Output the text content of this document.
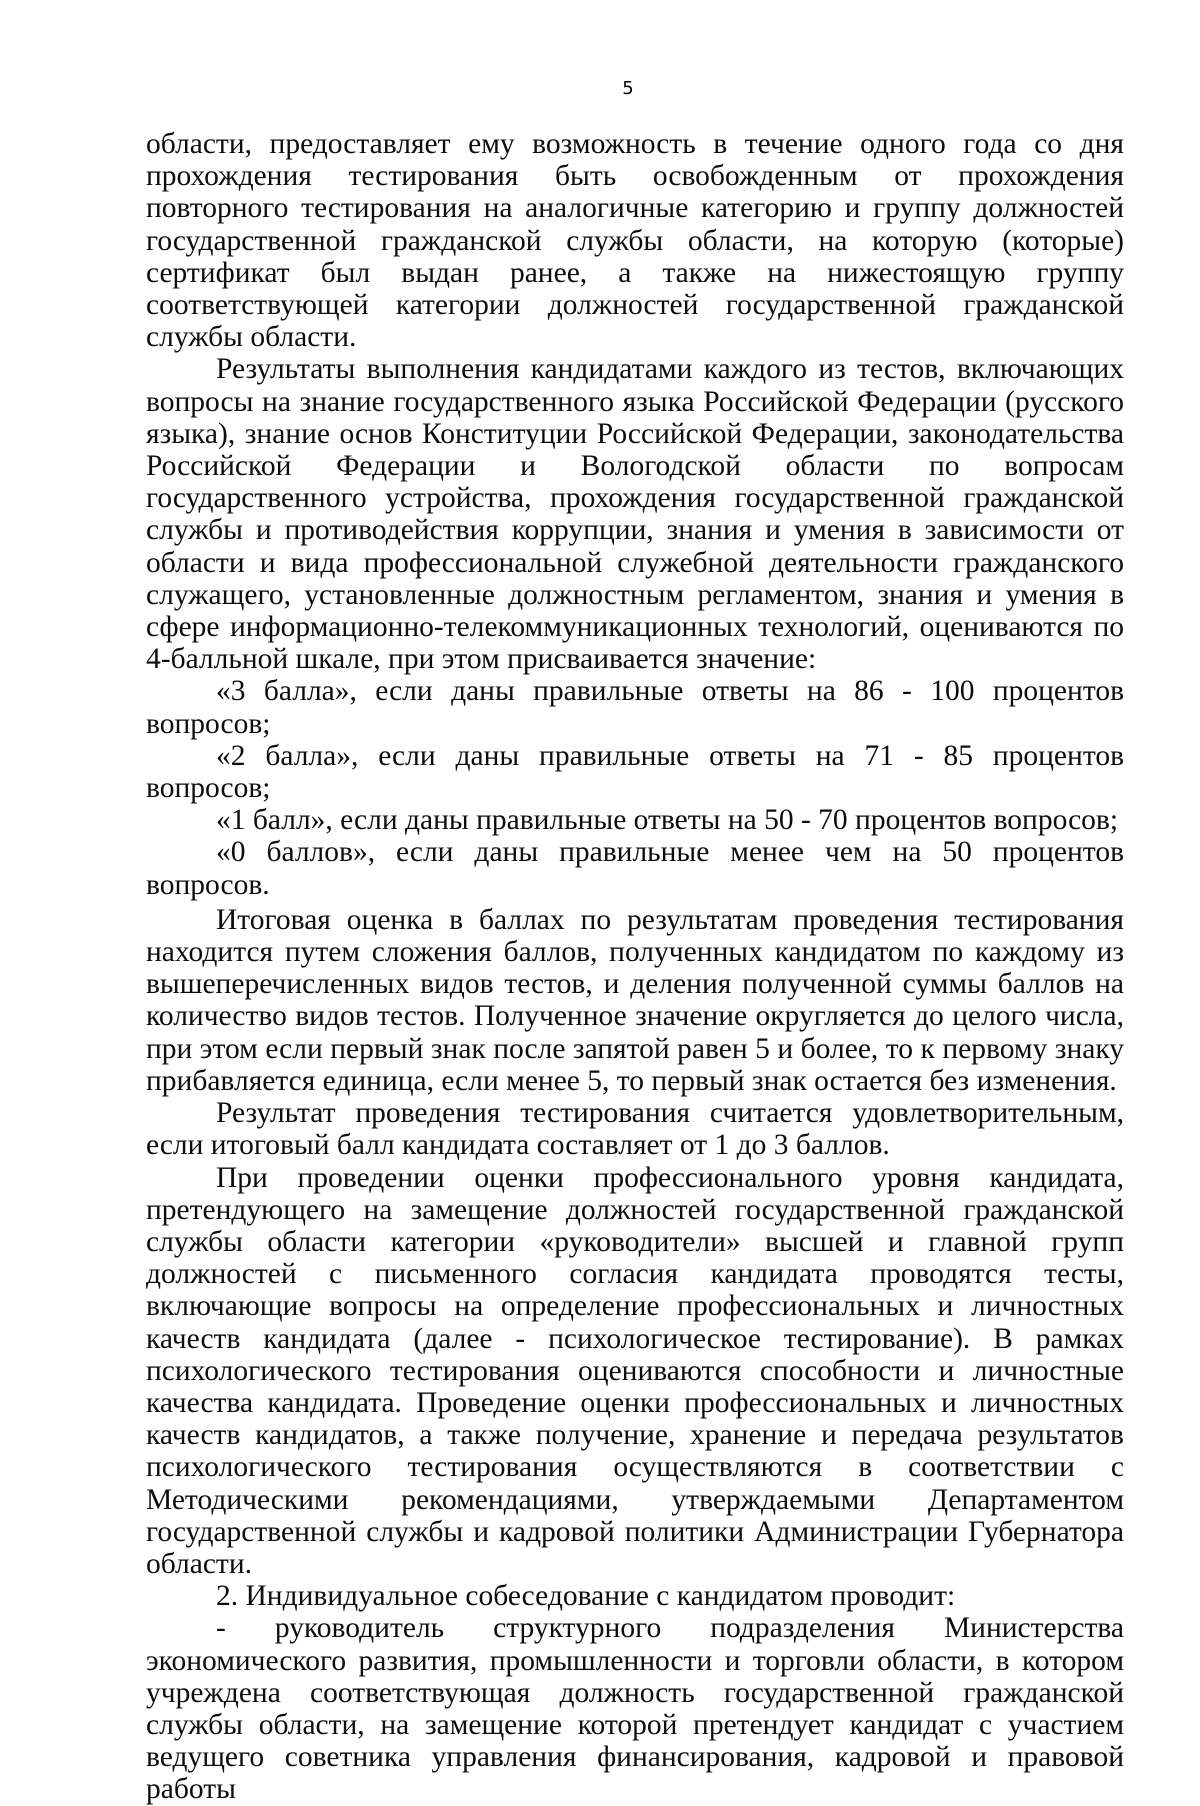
5

области, предоставляет ему возможность в течение одного года со дня прохождения тестирования быть освобожденным от прохождения повторного тестирования на аналогичные категорию и группу должностей государственной гражданской службы области, на которую (которые) сертификат был выдан ранее, а также на нижестоящую группу соответствующей категории должностей государственной гражданской службы области.

Результаты выполнения кандидатами каждого из тестов, включающих вопросы на знание государственного языка Российской Федерации (русского языка), знание основ Конституции Российской Федерации, законодательства Российской Федерации и Вологодской области по вопросам государственного устройства, прохождения государственной гражданской службы и противодействия коррупции, знания и умения в зависимости от области и вида профессиональной служебной деятельности гражданского служащего, установленные должностным регламентом, знания и умения в сфере информационно-телекоммуникационных технологий, оцениваются по 4-балльной шкале, при этом присваивается значение:

«3 балла», если даны правильные ответы на 86 - 100 процентов вопросов;

«2 балла», если даны правильные ответы на 71 - 85 процентов вопросов;

«1 балл», если даны правильные ответы на 50 - 70 процентов вопросов;

«0 баллов», если даны правильные менее чем на 50 процентов вопросов.

Итоговая оценка в баллах по результатам проведения тестирования находится путем сложения баллов, полученных кандидатом по каждому из вышеперечисленных видов тестов, и деления полученной суммы баллов на количество видов тестов. Полученное значение округляется до целого числа, при этом если первый знак после запятой равен 5 и более, то к первому знаку прибавляется единица, если менее 5, то первый знак остается без изменения.

Результат проведения тестирования считается удовлетворительным, если итоговый балл кандидата составляет от 1 до 3 баллов.

При проведении оценки профессионального уровня кандидата, претендующего на замещение должностей государственной гражданской службы области категории «руководители» высшей и главной групп должностей с письменного согласия кандидата проводятся тесты, включающие вопросы на определение профессиональных и личностных качеств кандидата (далее - психологическое тестирование). В рамках психологического тестирования оцениваются способности и личностные качества кандидата. Проведение оценки профессиональных и личностных качеств кандидатов, а также получение, хранение и передача результатов психологического тестирования осуществляются в соответствии с Методическими рекомендациями, утверждаемыми Департаментом государственной службы и кадровой политики Администрации Губернатора области.

2. Индивидуальное собеседование с кандидатом проводит:

- руководитель структурного подразделения Министерства экономического развития, промышленности и торговли области, в котором учреждена соответствующая должность государственной гражданской службы области, на замещение которой претендует кандидат с участием ведущего советника управления финансирования, кадровой и правовой работы
